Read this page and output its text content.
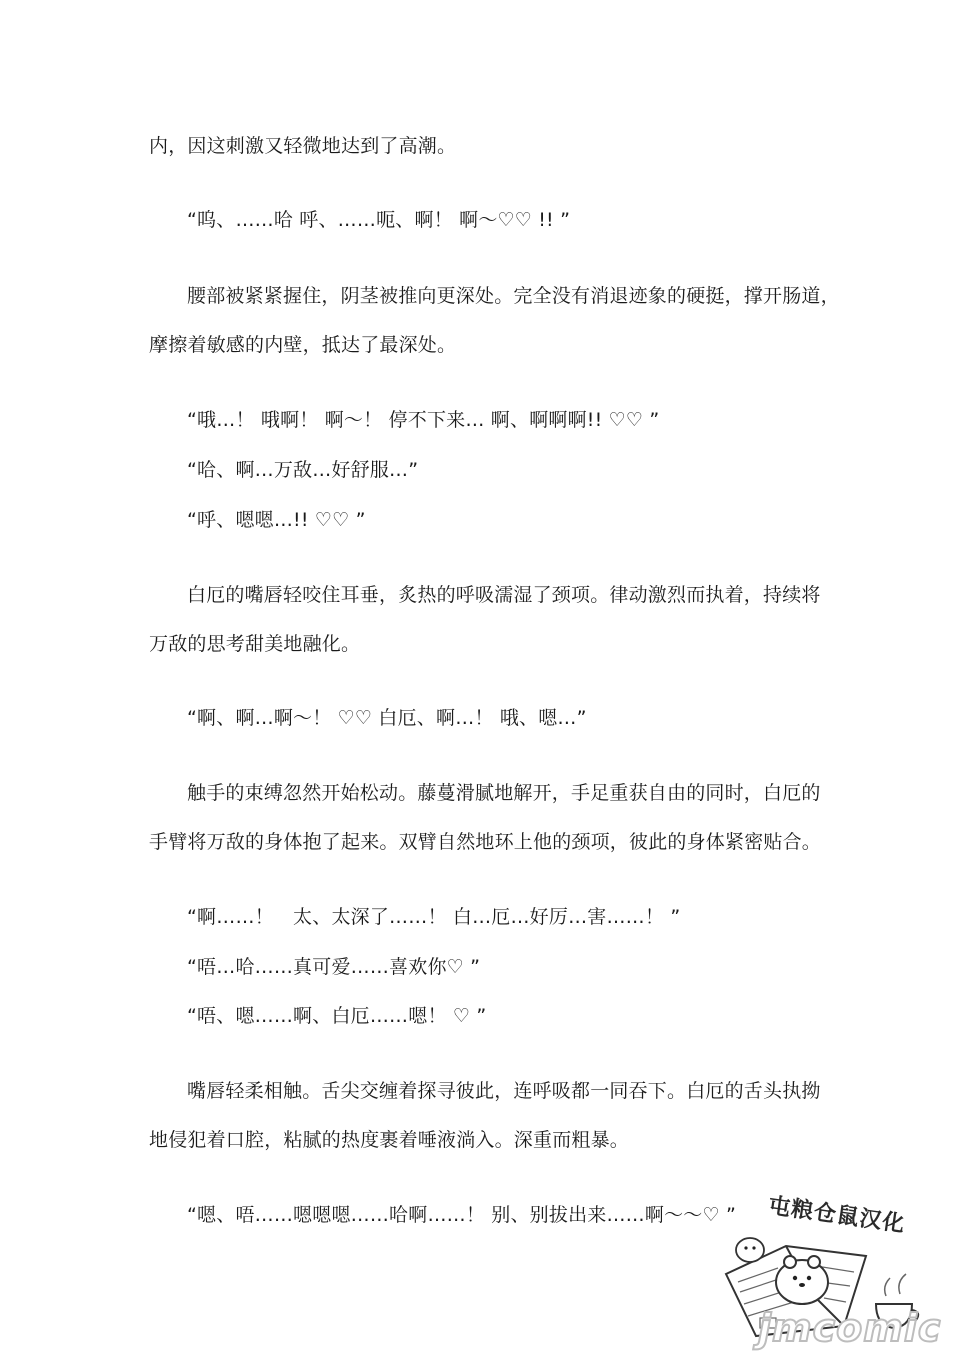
内，因这刺激又轻微地达到了高潮。
“呜、……哈 呼、……呃、啊！ 啊～♡♡ !! ”
腰部被紧紧握住，阴茎被推向更深处。完全没有消退迹象的硬挺，撑开肠道，
摩擦着敏感的内壁，抵达了最深处。
“哦…！ 哦啊！ 啊～！ 停不下来… 啊、啊啊啊!! ♡♡ ”
“哈、啊…万敌…好舒服…”
“呼、嗯嗯…!! ♡♡ ”
白厄的嘴唇轻咬住耳垂，炙热的呼吸濡湿了颈项。律动激烈而执着，持续将
万敌的思考甜美地融化。
“啊、啊…啊～！ ♡♡ 白厄、啊…！ 哦、嗯…”
触手的束缚忽然开始松动。藤蔓滑腻地解开，手足重获自由的同时，白厄的
手臂将万敌的身体抱了起来。双臂自然地环上他的颈项，彼此的身体紧密贴合。
“啊……！　太、太深了……！ 白…厄…好厉…害……！ ”
“唔…哈……真可爱……喜欢你♡ ”
“唔、嗯……啊、白厄……嗯！ ♡ ”
嘴唇轻柔相触。舌尖交缠着探寻彼此，连呼吸都一同吞下。白厄的舌头执拗
地侵犯着口腔，粘腻的热度裹着唾液淌入。深重而粗暴。
“嗯、唔……嗯嗯嗯……哈啊……！ 别、别拔出来……啊～～♡ ” 屯粮仓鼠汉化
jmcomic
